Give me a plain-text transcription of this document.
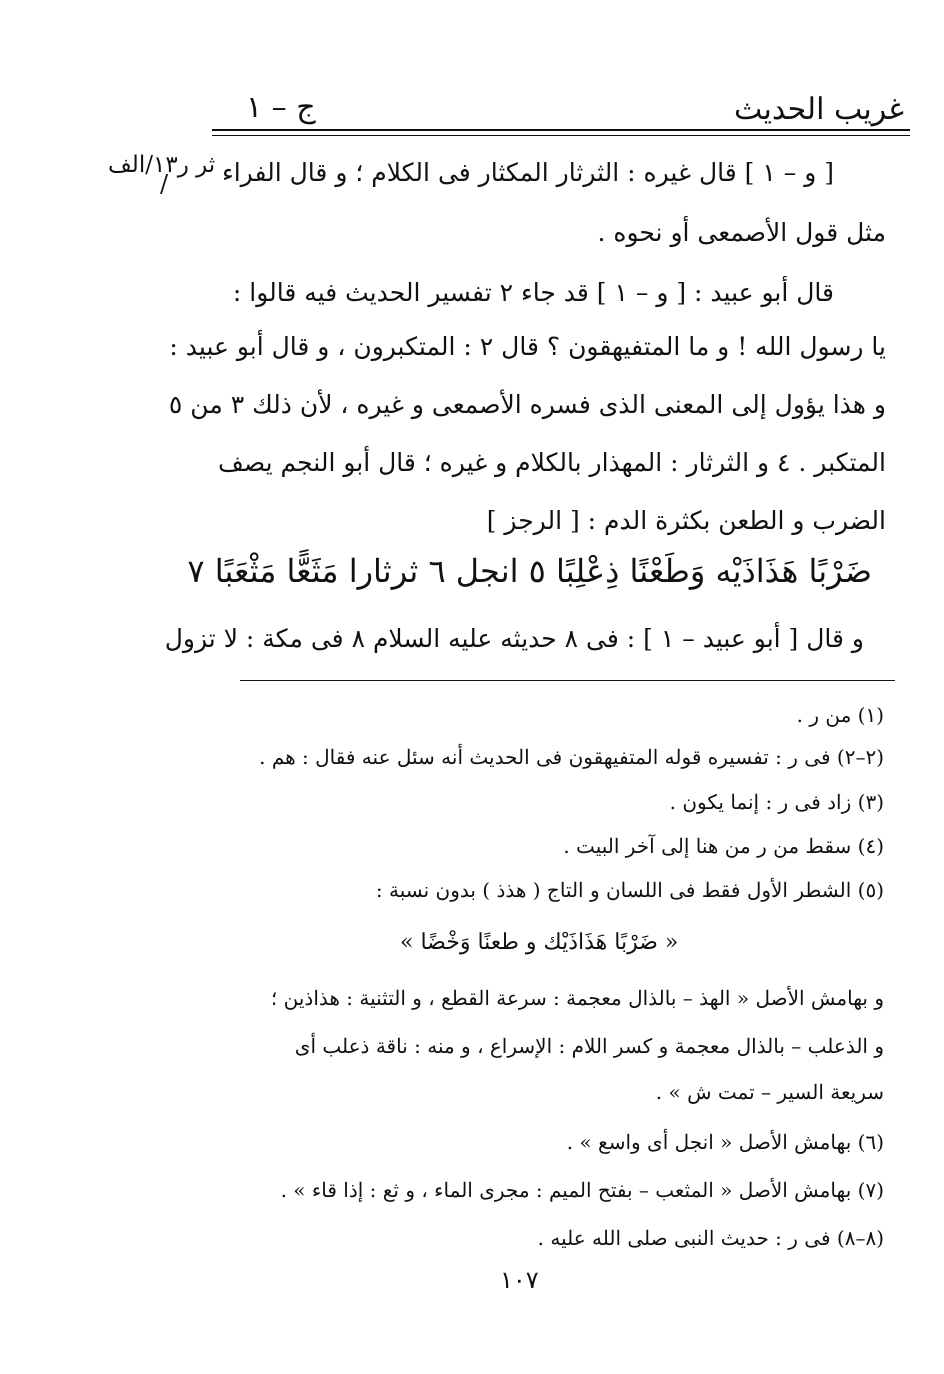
غريب الحديث
ج – ١
ثر ر١٣/الف
/ [ و – ١ ] قال غيره : الثرثار المكثار فى الكلام ؛ و قال الفراء
مثل قول الأصمعى أو نحوه .
قال أبو عبيد : [ و – ١ ] قد جاء ٢ تفسير الحديث فيه قالوا :
يا رسول الله ! و ما المتفيهقون ؟ قال ٢ : المتكبرون ، و قال أبو عبيد :
و هذا يؤول إلى المعنى الذى فسره الأصمعى و غيره ، لأن ذلك ٣ من ٥
المتكبر . ٤ و الثرثار : المهذار بالكلام و غيره ؛ قال أبو النجم يصف
الضرب و الطعن بكثرة الدم : [ الرجز ]
ضَرْبًا هَذَاذَيْه وَطَعْنًا ذِعْلِبًا ٥ انجل ٦ ثرثارا مَثَعًّا مَثْعَبًا ٧
و قال [ أبو عبيد – ١ ] : فى ٨ حديثه عليه السلام ٨ فى مكة : لا تزول
(١) من ر .
(٢–٢) فى ر : تفسيره قوله المتفيهقون فى الحديث أنه سئل عنه فقال : هم .
(٣) زاد فى ر : إنما يكون .
(٤) سقط من ر من هنا إلى آخر البيت .
(٥) الشطر الأول فقط فى اللسان و التاج ( هذذ ) بدون نسبة :
« ضَرْبًا هَذَاذَيْك و طعنًا وَخْضًا »
و بهامش الأصل « الهذ – بالذال معجمة : سرعة القطع ، و التثنية : هذاذين ؛
و الذعلب – بالذال معجمة و كسر اللام : الإسراع ، و منه : ناقة ذعلب أى
سريعة السير – تمت ش » .
(٦) بهامش الأصل « انجل أى واسع » .
(٧) بهامش الأصل « المثعب – بفتح الميم : مجرى الماء ، و ثع : إذا قاء » .
(٨–٨) فى ر : حديث النبى صلى الله عليه .
١٠٧
